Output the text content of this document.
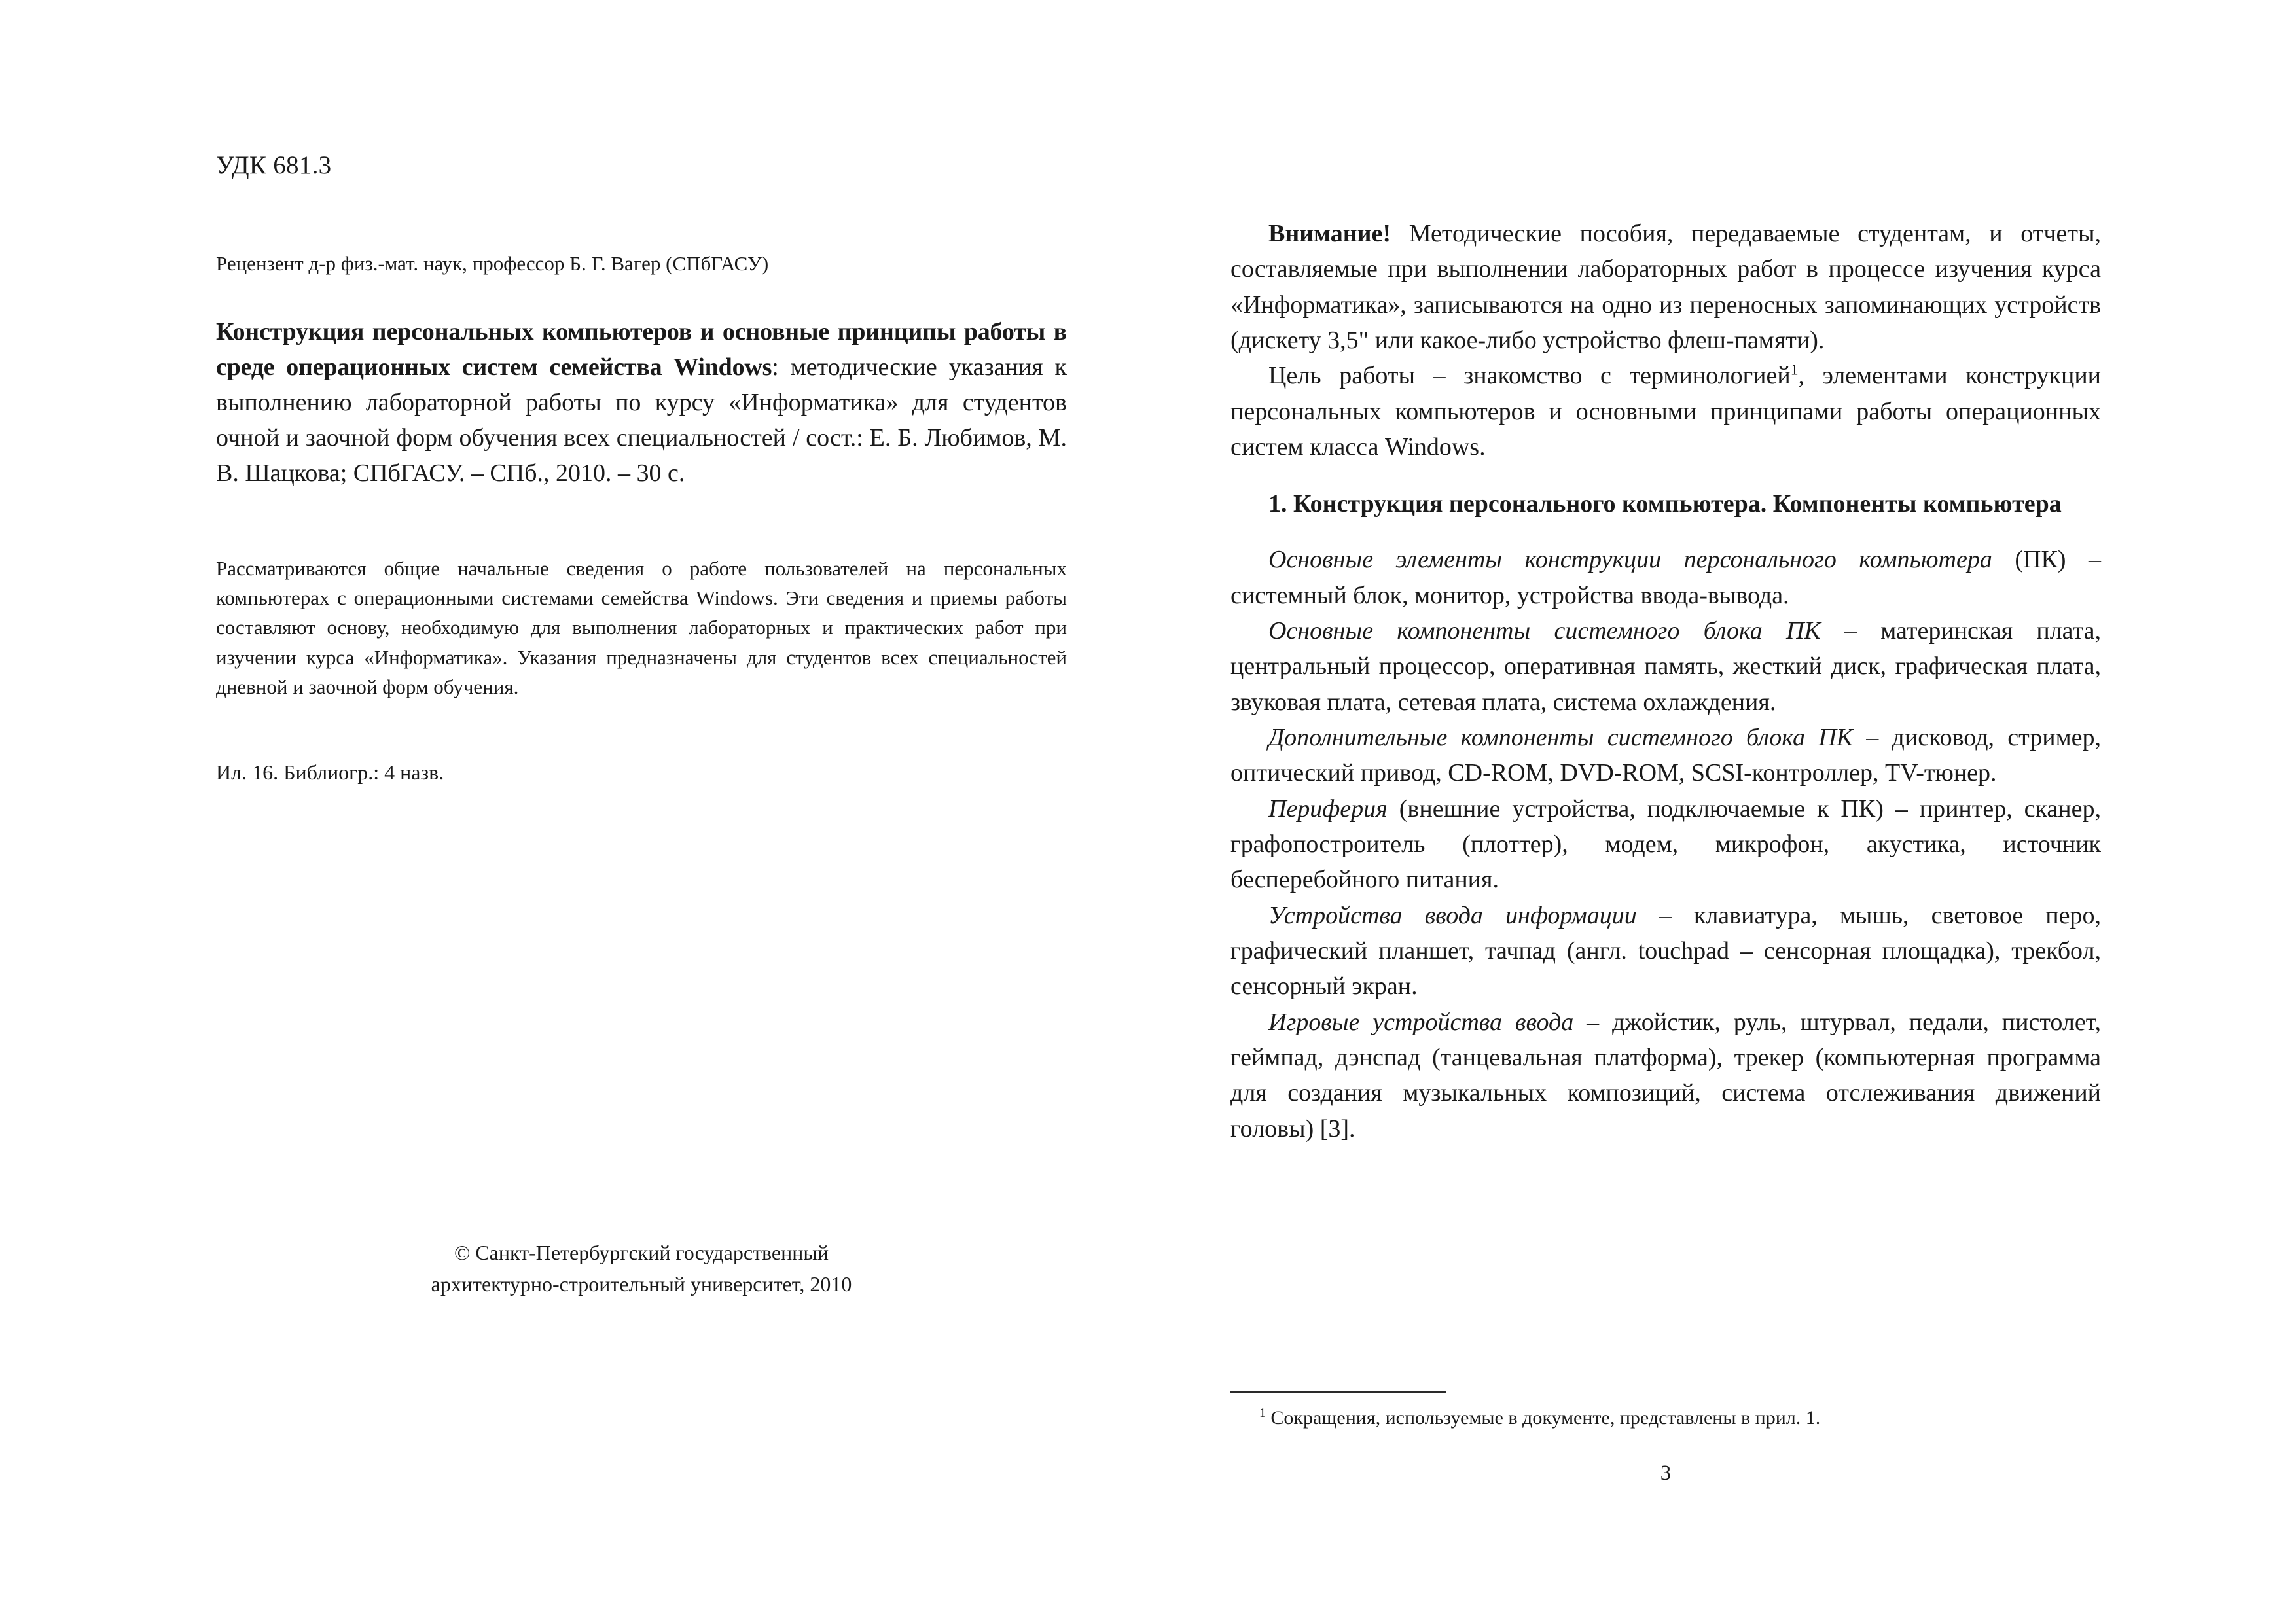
УДК 681.3
Рецензент д-р физ.-мат. наук, профессор Б. Г. Вагер (СПбГАСУ)
Конструкция персональных компьютеров и основные принципы работы в среде операционных систем семейства Windows: методические указания к выполнению лабораторной работы по курсу «Информатика» для студентов очной и заочной форм обучения всех специальностей / сост.: Е. Б. Любимов, М. В. Шацкова; СПбГАСУ. – СПб., 2010. – 30 с.
Рассматриваются общие начальные сведения о работе пользователей на персональных компьютерах с операционными системами семейства Windows. Эти сведения и приемы работы составляют основу, необходимую для выполнения лабораторных и практических работ при изучении курса «Информатика». Указания предназначены для студентов всех специальностей дневной и заочной форм обучения.
Ил. 16. Библиогр.: 4 назв.
© Санкт-Петербургский государственный
архитектурно-строительный университет, 2010

Внимание! Методические пособия, передаваемые студентам, и отчеты, составляемые при выполнении лабораторных работ в процессе изучения курса «Информатика», записываются на одно из переносных запоминающих устройств (дискету 3,5" или какое-либо устройство флеш-памяти).

Цель работы – знакомство с терминологией$^1$, элементами конструкции персональных компьютеров и основными принципами работы операционных систем класса Windows.

1. Конструкция персонального компьютера. Компоненты компьютера

Основные элементы конструкции персонального компьютера (ПК) – системный блок, монитор, устройства ввода-вывода.

Основные компоненты системного блока ПК – материнская плата, центральный процессор, оперативная память, жесткий диск, графическая плата, звуковая плата, сетевая плата, система охлаждения.

Дополнительные компоненты системного блока ПК – дисковод, стример, оптический привод, CD-ROM, DVD-ROM, SCSI-контроллер, TV-тюнер.

Периферия (внешние устройства, подключаемые к ПК) – принтер, сканер, графопостроитель (плоттер), модем, микрофон, акустика, источник бесперебойного питания.

Устройства ввода информации – клавиатура, мышь, световое перо, графический планшет, тачпад (англ. touchpad – сенсорная площадка), трекбол, сенсорный экран.

Игровые устройства ввода – джойстик, руль, штурвал, педали, пистолет, геймпад, дэнспад (танцевальная платформа), трекер (компьютерная программа для создания музыкальных композиций, система отслеживания движений головы) [3].

$^1$ Сокращения, используемые в документе, представлены в прил. 1.

3
